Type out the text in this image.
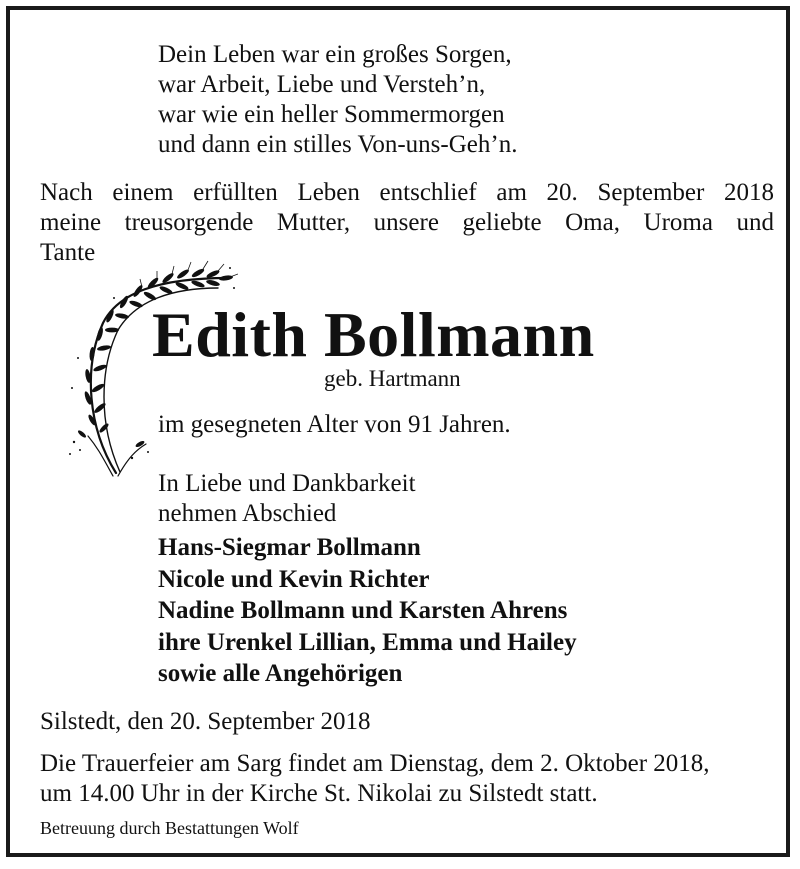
Dein Leben war ein großes Sorgen,
war Arbeit, Liebe und Versteh’n,
war wie ein heller Sommermorgen
und dann ein stilles Von-uns-Geh’n.
Nach einem erfüllten Leben entschlief am 20. September 2018
meine treusorgende Mutter, unsere geliebte Oma, Uroma und
Tante
Edith Bollmann
geb. Hartmann
im gesegneten Alter von 91 Jahren.
In Liebe und Dankbarkeit
nehmen Abschied
Hans-Siegmar Bollmann
Nicole und Kevin Richter
Nadine Bollmann und Karsten Ahrens
ihre Urenkel Lillian, Emma und Hailey
sowie alle Angehörigen
Silstedt, den 20. September 2018
Die Trauerfeier am Sarg findet am Dienstag, dem 2. Oktober 2018,
um 14.00 Uhr in der Kirche St. Nikolai zu Silstedt statt.
Betreuung durch Bestattungen Wolf
